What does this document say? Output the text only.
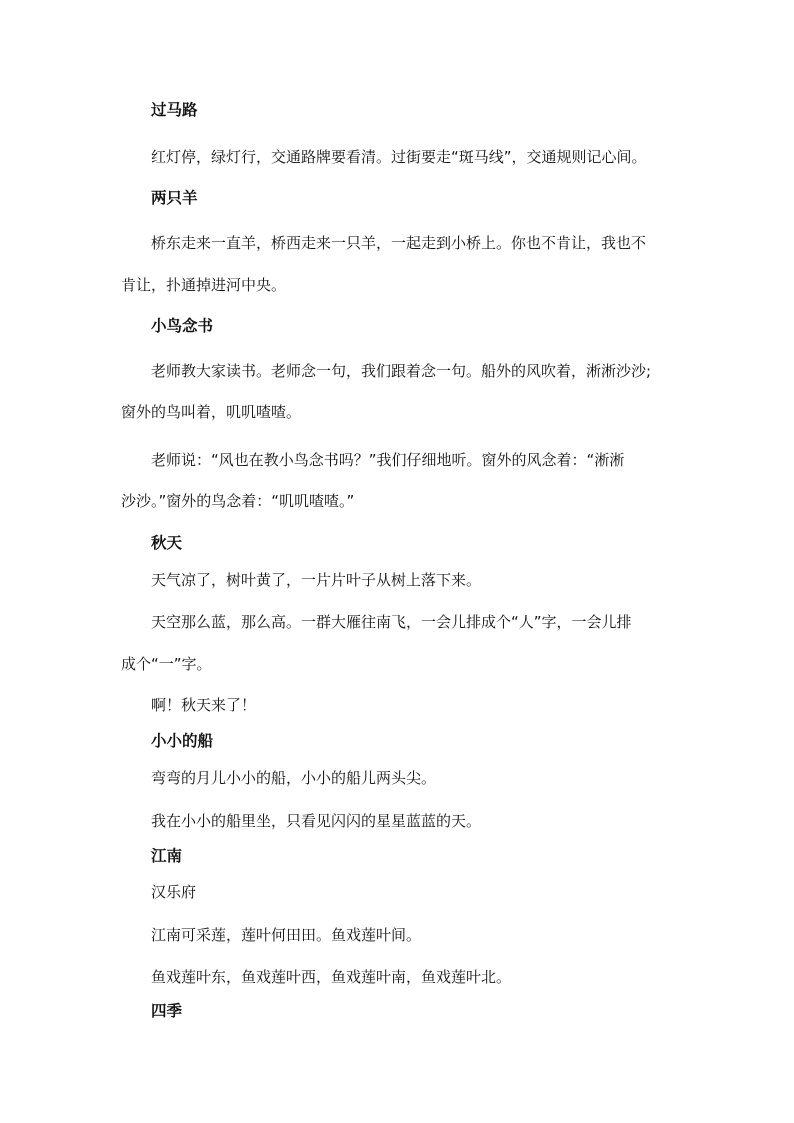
过马路
红灯停，绿灯行，交通路牌要看清。过街要走“斑马线”，交通规则记心间。
两只羊
桥东走来一直羊，桥西走来一只羊，一起走到小桥上。你也不肯让，我也不
肯让，扑通掉进河中央。
小鸟念书
老师教大家读书。老师念一句，我们跟着念一句。船外的风吹着，淅淅沙沙;
窗外的鸟叫着，叽叽喳喳。
老师说：“风也在教小鸟念书吗？”我们仔细地听。窗外的风念着：“淅淅
沙沙。”窗外的鸟念着：“叽叽喳喳。”
秋天
天气凉了，树叶黄了，一片片叶子从树上落下来。
天空那么蓝，那么高。一群大雁往南飞，一会儿排成个“人”字，一会儿排
成个“一”字。
啊！秋天来了！
小小的船
弯弯的月儿小小的船，小小的船儿两头尖。
我在小小的船里坐，只看见闪闪的星星蓝蓝的天。
江南
汉乐府
江南可采莲，莲叶何田田。鱼戏莲叶间。
鱼戏莲叶东，鱼戏莲叶西，鱼戏莲叶南，鱼戏莲叶北。
四季
